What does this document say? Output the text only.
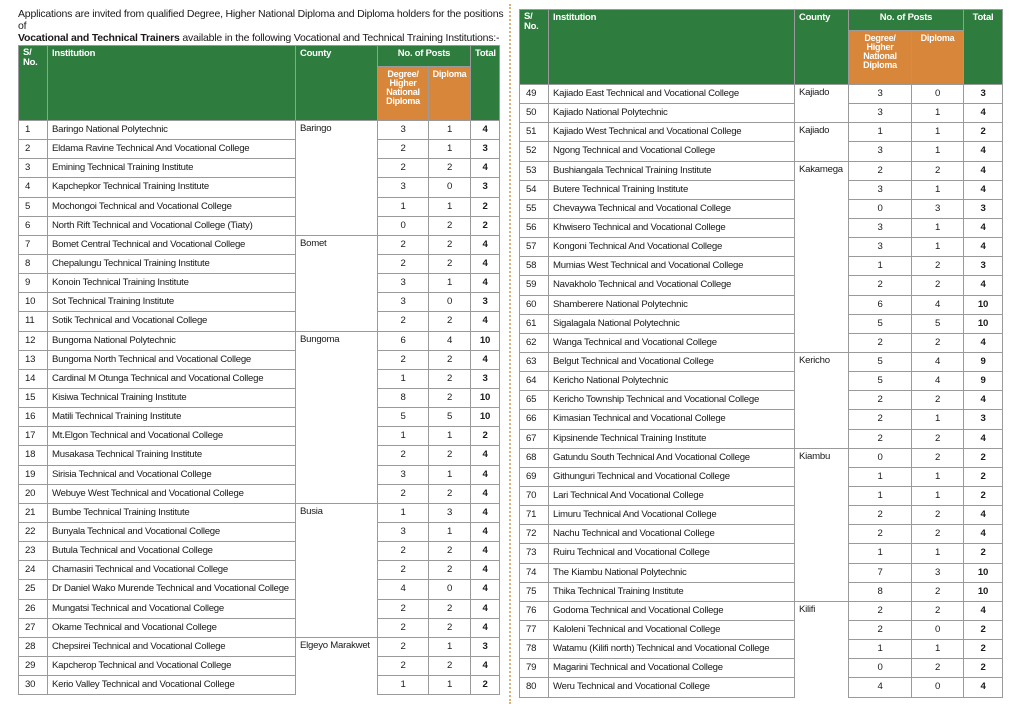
Applications are invited from qualified Degree, Higher National Diploma and Diploma holders for the positions of
Vocational and Technical Trainers available in the following Vocational and Technical Training Institutions:-
S/ No.	Institution	County	No. of Posts		Total
			Degree/ Higher National Diploma	Diploma	
1	Baringo National Polytechnic	Baringo	3	1	4
2	Eldama Ravine Technical And Vocational College		2	1	3
3	Emining Technical Training Institute		2	2	4
4	Kapchepkor Technical Training Institute		3	0	3
5	Mochongoi Technical and Vocational College		1	1	2
6	North Rift Technical and Vocational College (Tiaty)		0	2	2
7	Bomet Central Technical and Vocational College	Bomet	2	2	4
8	Chepalungu Technical Training Institute		2	2	4
9	Konoin Technical Training Institute		3	1	4
10	Sot Technical Training Institute		3	0	3
11	Sotik Technical and Vocational College		2	2	4
12	Bungoma National Polytechnic	Bungoma	6	4	10
13	Bungoma North Technical and Vocational College		2	2	4
14	Cardinal M Otunga Technical and Vocational College		1	2	3
15	Kisiwa Technical Training Institute		8	2	10
16	Matili Technical Training Institute		5	5	10
17	Mt.Elgon Technical and Vocational College		1	1	2
18	Musakasa Technical Training Institute		2	2	4
19	Sirisia Technical and Vocational College		3	1	4
20	Webuye West Technical and Vocational College		2	2	4
21	Bumbe Technical Training Institute	Busia	1	3	4
22	Bunyala Technical and Vocational College		3	1	4
23	Butula Technical and Vocational College		2	2	4
24	Chamasiri Technical and Vocational College		2	2	4
25	Dr Daniel Wako Murende Technical and Vocational College		4	0	4
26	Mungatsi Technical and Vocational College		2	2	4
27	Okame Technical and Vocational College		2	2	4
28	Chepsirei Technical and Vocational College	Elgeyo Marakwet	2	1	3
29	Kapcherop Technical and Vocational College		2	2	4
30	Kerio Valley Technical and Vocational College		1	1	2
S/ No.	Institution	County	No. of Posts		Total
			Degree/ Higher National Diploma	Diploma	
49	Kajiado East Technical and Vocational College	Kajiado	3	0	3
50	Kajiado National Polytechnic		3	1	4
51	Kajiado West Technical and Vocational College	Kajiado	1	1	2
52	Ngong Technical and Vocational College		3	1	4
53	Bushiangala Technical Training Institute	Kakamega	2	2	4
54	Butere Technical Training Institute		3	1	4
55	Chevaywa Technical and Vocational College		0	3	3
56	Khwisero Technical and Vocational College		3	1	4
57	Kongoni Technical And Vocational College		3	1	4
58	Mumias West Technical and Vocational College		1	2	3
59	Navakholo Technical and Vocational College		2	2	4
60	Shamberere National Polytechnic		6	4	10
61	Sigalagala National Polytechnic		5	5	10
62	Wanga Technical and Vocational College		2	2	4
63	Belgut Technical and Vocational College	Kericho	5	4	9
64	Kericho National Polytechnic		5	4	9
65	Kericho Township Technical and Vocational College		2	2	4
66	Kimasian Technical and Vocational College		2	1	3
67	Kipsinende Technical Training Institute		2	2	4
68	Gatundu South Technical And Vocational College	Kiambu	0	2	2
69	Githunguri Technical and Vocational College		1	1	2
70	Lari Technical And Vocational College		1	1	2
71	Limuru Technical And Vocational College		2	2	4
72	Nachu Technical and Vocational College		2	2	4
73	Ruiru Technical and Vocational College		1	1	2
74	The Kiambu National Polytechnic		7	3	10
75	Thika Technical Training Institute		8	2	10
76	Godoma Technical and Vocational College	Kilifi	2	2	4
77	Kaloleni Technical and Vocational College		2	0	2
78	Watamu (Kilifi north) Technical and Vocational College		1	1	2
79	Magarini Technical and Vocational College		0	2	2
80	Weru Technical and Vocational College		4	0	4
